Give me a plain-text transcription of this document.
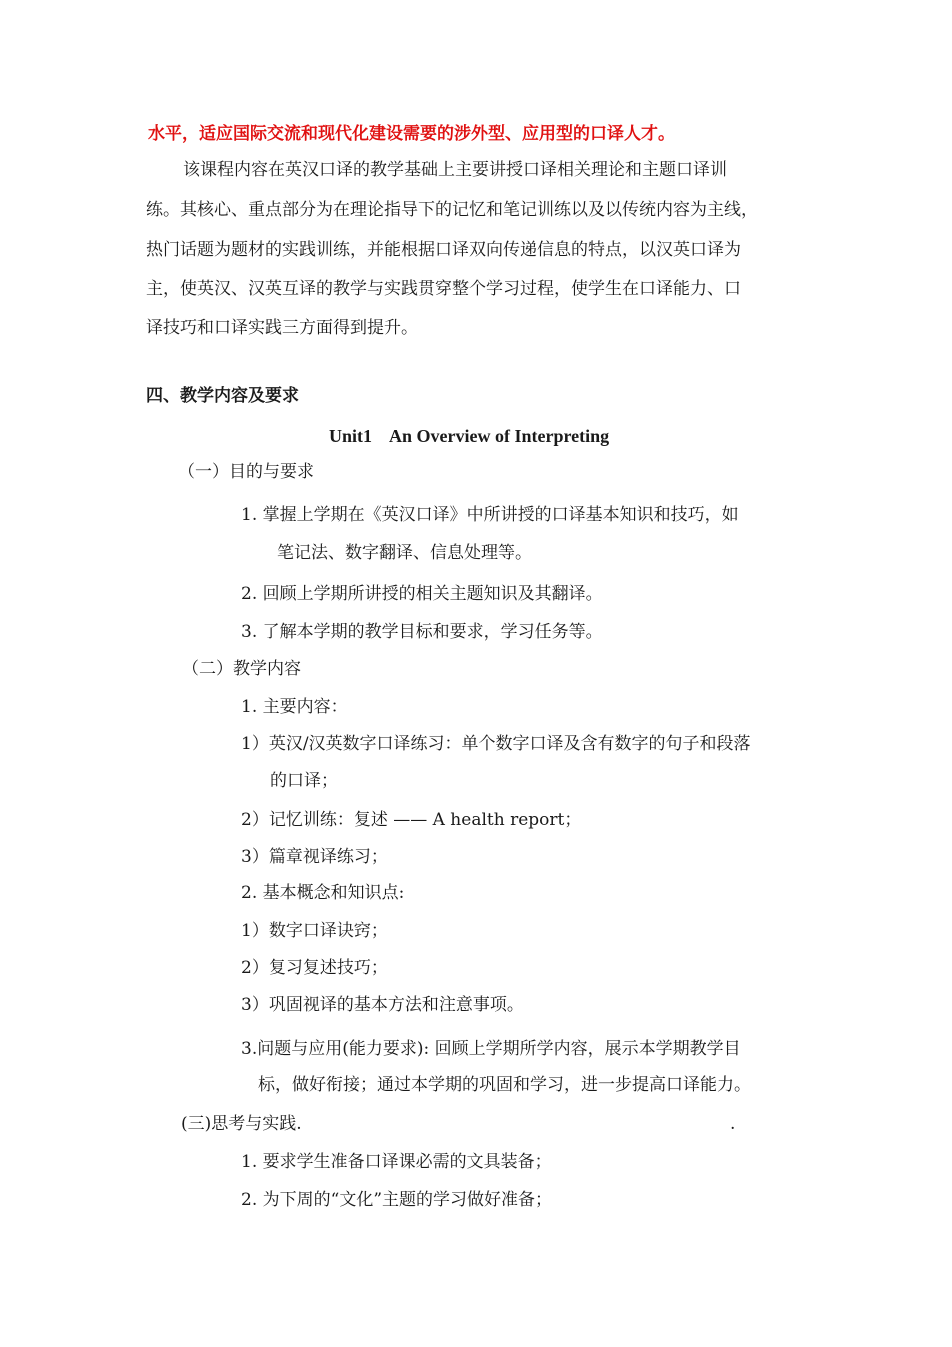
水平，适应国际交流和现代化建设需要的涉外型、应用型的口译人才。
该课程内容在英汉口译的教学基础上主要讲授口译相关理论和主题口译训
练。其核心、重点部分为在理论指导下的记忆和笔记训练以及以传统内容为主线，
热门话题为题材的实践训练，并能根据口译双向传递信息的特点，以汉英口译为
主，使英汉、汉英互译的教学与实践贯穿整个学习过程，使学生在口译能力、口
译技巧和口译实践三方面得到提升。
四、教学内容及要求
Unit1    An Overview of Interpreting
（一）目的与要求
1. 掌握上学期在《英汉口译》中所讲授的口译基本知识和技巧，如
笔记法、数字翻译、信息处理等。
2. 回顾上学期所讲授的相关主题知识及其翻译。
3. 了解本学期的教学目标和要求，学习任务等。
（二）教学内容
1. 主要内容：
1）英汉/汉英数字口译练习：单个数字口译及含有数字的句子和段落
的口译；
2）记忆训练：复述 —— A health report；
3）篇章视译练习；
2. 基本概念和知识点:
1）数字口译诀窍；
2）复习复述技巧；
3）巩固视译的基本方法和注意事项。
3.问题与应用(能力要求): 回顾上学期所学内容，展示本学期教学目
标，做好衔接；通过本学期的巩固和学习，进一步提高口译能力。
(三)思考与实践.	.
1. 要求学生准备口译课必需的文具装备；
2. 为下周的“文化”主题的学习做好准备；
